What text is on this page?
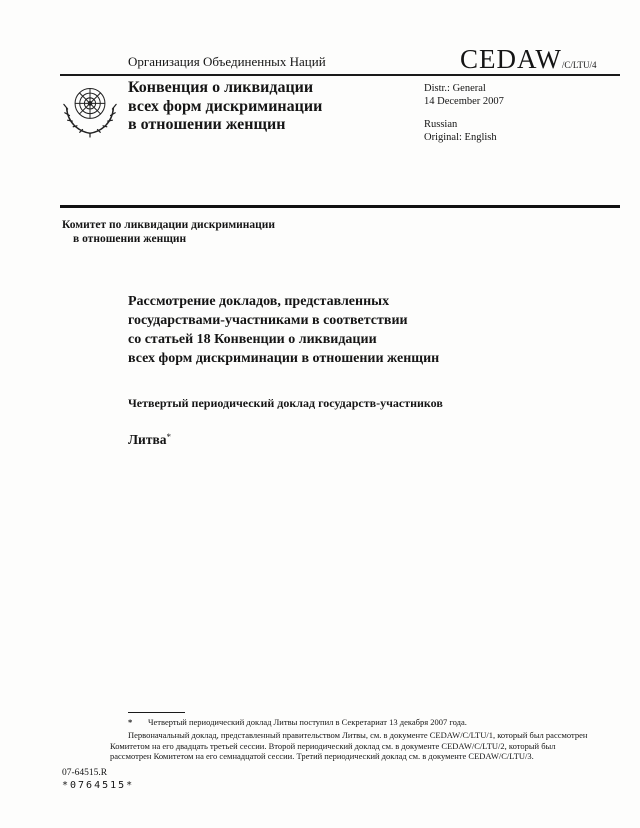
Организация Объединенных Наций	CEDAW/C/LTU/4
Конвенция о ликвидации
всех форм дискриминации
в отношении женщин
Distr.: General
14 December 2007
Russian
Original: English
Комитет по ликвидации дискриминации
в отношении женщин
Рассмотрение докладов, представленных
государствами-участниками в соответствии
со статьей 18 Конвенции о ликвидации
всех форм дискриминации в отношении женщин
Четвертый периодический доклад государств-участников
Литва*
* Четвертый периодический доклад Литвы поступил в Секретариат 13 декабря 2007 года.
Первоначальный доклад, представленный правительством Литвы, см. в документе CEDAW/C/LTU/1, который был рассмотрен Комитетом на его двадцать третьей сессии. Второй периодический доклад см. в документе CEDAW/C/LTU/2, который был рассмотрен Комитетом на его семнадцатой сессии. Третий периодический доклад см. в документе CEDAW/C/LTU/3.
07-64515.R
*0764515*
